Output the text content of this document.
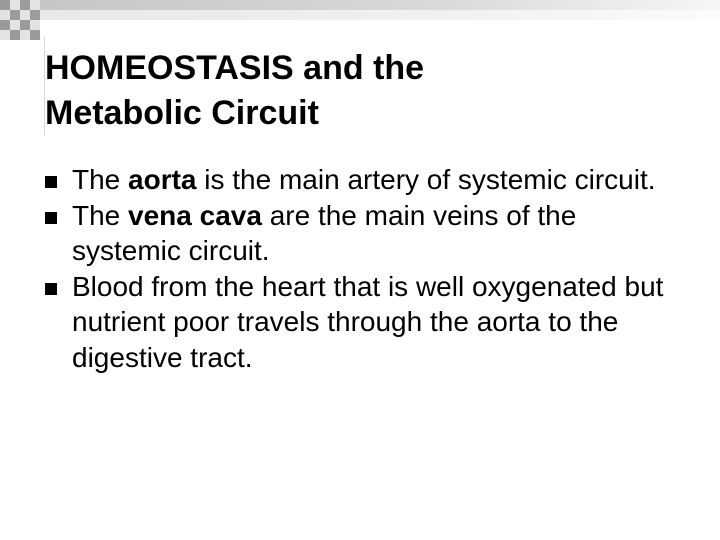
HOMEOSTASIS and the
Metabolic Circuit
The aorta is the main artery of systemic circuit.
The vena cava are the main veins of the systemic circuit.
Blood from the heart that is well oxygenated but nutrient poor travels through the aorta to the digestive tract.
